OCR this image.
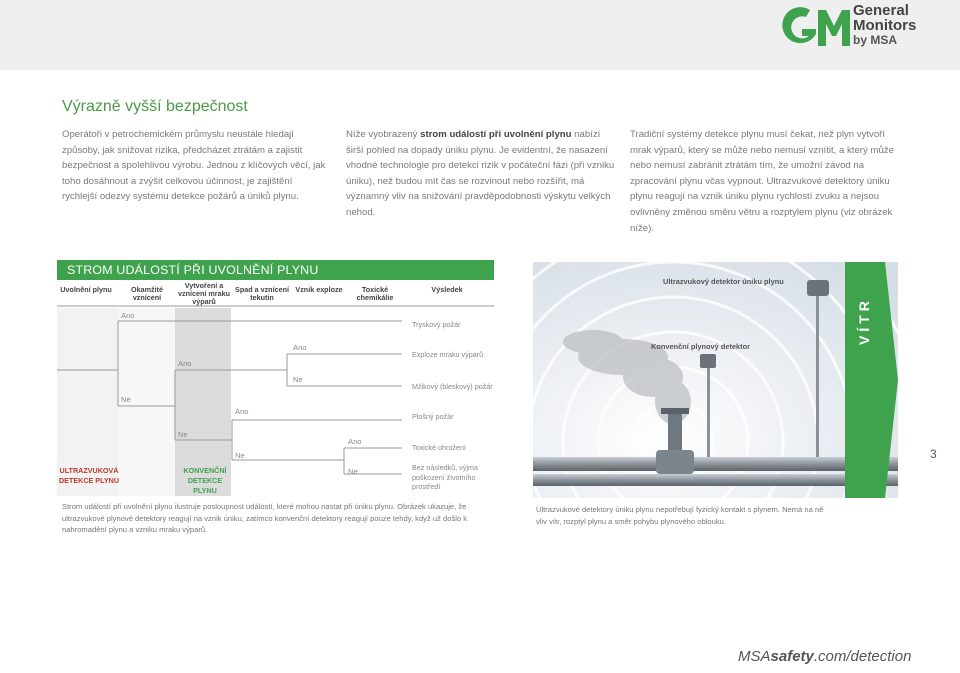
General
Monitors
by MSA
Výrazně vyšší bezpečnost
Operátoři v petrochemickém průmyslu neustále hledají způsoby, jak snižovat rizika, předcházet ztrátám a zajistit bezpečnost a spolehlivou výrobu. Jednou z klíčových věcí, jak toho dosáhnout a zvýšit celkovou účinnost, je zajištění rychlejší odezvy systému detekce požárů a úniků plynu.
Níže vyobrazený strom událostí při uvolnění plynu nabízí širší pohled na dopady úniku plynu. Je evidentní, že nasazení vhodné technologie pro detekci rizik v počáteční fázi (při vzniku úniku), než budou mít čas se rozvinout nebo rozšířit, má významný vliv na snižování pravděpodobnosti výskytu velkých nehod.
Tradiční systémy detekce plynu musí čekat, než plyn vytvoří mrak výparů, který se může nebo nemusí vznítit, a který může nebo nemusí zabránit ztrátám tím, že umožní závod na zpracování plynu včas vypnout. Ultrazvukové detektory úniku plynu reagují na vznik úniku plynu rychlostí zvuku a nejsou ovlivněny změnou směru větru a rozptylem plynu (viz obrázek níže).
STROM UDÁLOSTÍ PŘI UVOLNĚNÍ PLYNU
Uvolnění plynu	Okamžité vznícení
Vytvoření a vznícení mraku výparů
Spad a vznícení tekutin
Vznik exploze	Toxické chemikálie
Výsledek
Ano
Ne
Ano
Ne
Ano
Ne
Ano
Ne
Ano
Ne
Tryskový požár
Exploze mraku výparů
Mžikový (bleskový) požár
Plošný požár
Toxické ohrožení
Bez následků, výjma poškození životního prostředí
ULTRAZVUKOVÁ DETEKCE PLYNU
KONVENČNÍ DETEKCE PLYNU
Strom událostí při uvolnění plynu ilustruje posloupnost událostí, které mohou nastat při úniku plynu. Obrázek ukazuje, že ultrazvukové plynové detektory reagují na vznik úniku, zatímco konvenční detektory reagují pouze tehdy, když už došlo k nahromadění plynu a vzniku mraku výparů.
Ultrazvukový detektor úniku plynu
Konvenční plynový detektor
VÍTR
Ultrazvukové detektory úniku plynu nepotřebují fyzický kontakt s plynem. Nemá na ně vliv vítr, rozptyl plynu a směr pohybu plynového oblouku.
3
MSAsafety.com/detection
